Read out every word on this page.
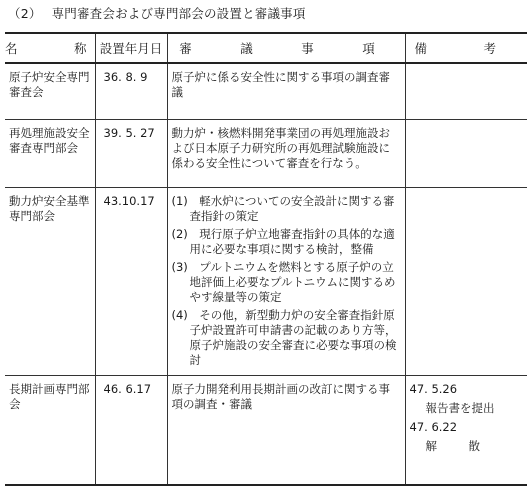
（2） 専門審査会および専門部会の設置と審議事項
名　称	設置年月日	審　議　事　項	備　考
原子炉安全専門審査会	36. 8. 9	原子炉に係る安全性に関する事項の調査審議	

再処理施設安全審査専門部会	39. 5. 27	動力炉・核燃料開発事業団の再処理施設および日本原子力研究所の再処理試験施設に係わる安全性について審査を行なう。	

動力炉安全基準専門部会	43.10.17	(1)　軽水炉についての安全設計に関する審査指針の策定
(2)　現行原子炉立地審査指針の具体的な適用に必要な事項に関する検討，整備
(3)　プルトニウムを燃料とする原子炉の立地評価上必要なプルトニウムに関するめやす線量等の策定
(4)　その他，新型動力炉の安全審査指針原子炉設置許可申請書の記載のあり方等，原子炉施設の安全審査に必要な事項の検討	

長期計画専門部会	46. 6.17	原子力開発利用長期計画の改訂に関する事項の調査・審議	47. 5.26
報告書を提出
47. 6.22
解　散
